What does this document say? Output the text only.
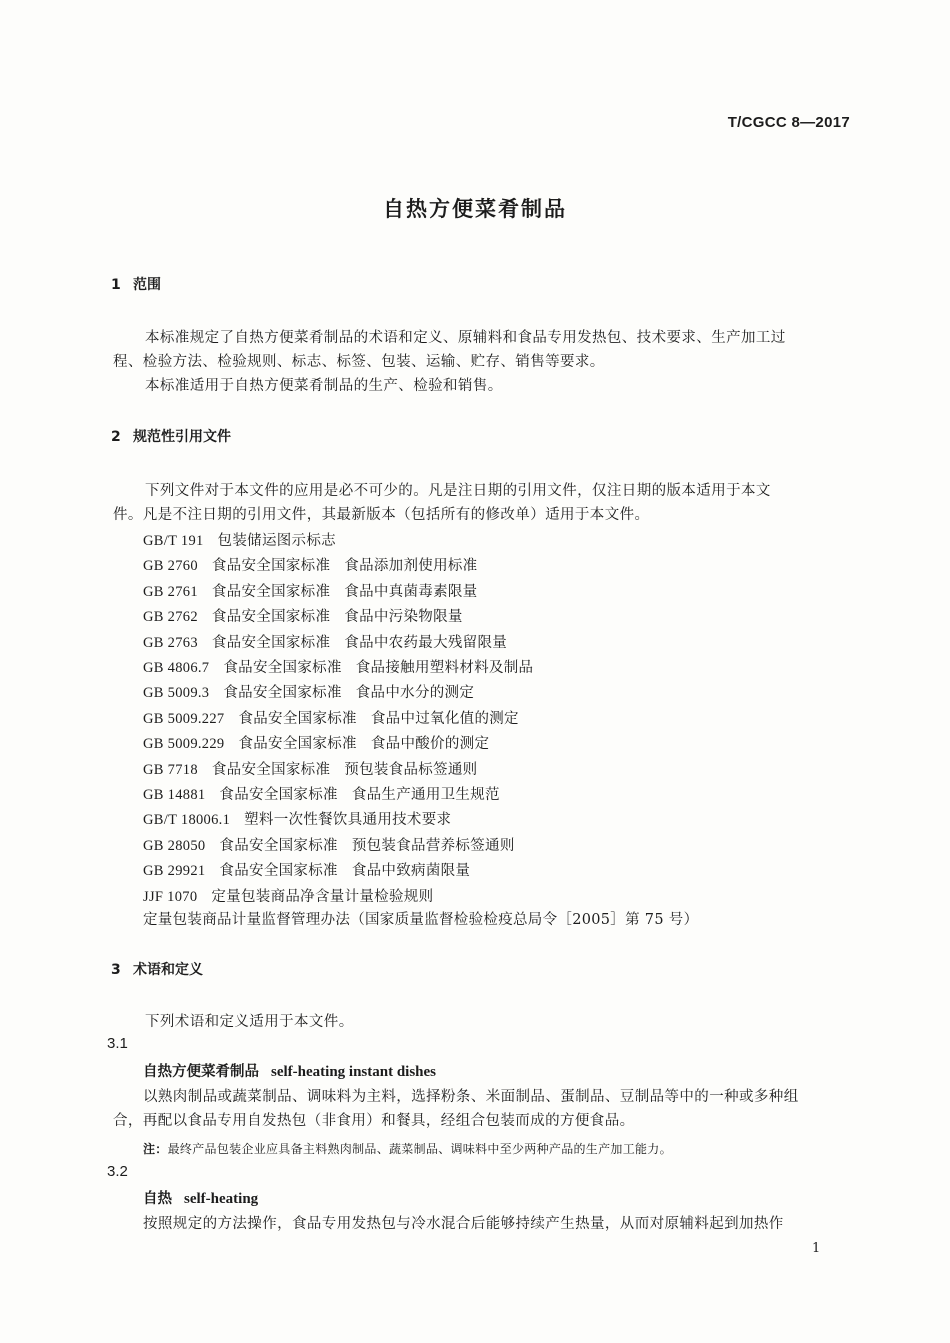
T/CGCC 8—2017
自热方便菜肴制品
1 范围
本标准规定了自热方便菜肴制品的术语和定义、原辅料和食品专用发热包、技术要求、生产加工过
程、检验方法、检验规则、标志、标签、包装、运输、贮存、销售等要求。
本标准适用于自热方便菜肴制品的生产、检验和销售。
2 规范性引用文件
下列文件对于本文件的应用是必不可少的。凡是注日期的引用文件，仅注日期的版本适用于本文
件。凡是不注日期的引用文件，其最新版本（包括所有的修改单）适用于本文件。
GB/T 191 包装储运图示标志
GB 2760 食品安全国家标准 食品添加剂使用标准
GB 2761 食品安全国家标准 食品中真菌毒素限量
GB 2762 食品安全国家标准 食品中污染物限量
GB 2763 食品安全国家标准 食品中农药最大残留限量
GB 4806.7 食品安全国家标准 食品接触用塑料材料及制品
GB 5009.3 食品安全国家标准 食品中水分的测定
GB 5009.227 食品安全国家标准 食品中过氧化值的测定
GB 5009.229 食品安全国家标准 食品中酸价的测定
GB 7718 食品安全国家标准 预包装食品标签通则
GB 14881 食品安全国家标准 食品生产通用卫生规范
GB/T 18006.1 塑料一次性餐饮具通用技术要求
GB 28050 食品安全国家标准 预包装食品营养标签通则
GB 29921 食品安全国家标准 食品中致病菌限量
JJF 1070 定量包装商品净含量计量检验规则
定量包装商品计量监督管理办法（国家质量监督检验检疫总局令［2005］第 75 号）
3 术语和定义
下列术语和定义适用于本文件。
3.1
自热方便菜肴制品 self-heating instant dishes
以熟肉制品或蔬菜制品、调味料为主料，选择粉条、米面制品、蛋制品、豆制品等中的一种或多种组
合，再配以食品专用自发热包（非食用）和餐具，经组合包装而成的方便食品。
注：最终产品包装企业应具备主料熟肉制品、蔬菜制品、调味料中至少两种产品的生产加工能力。
3.2
自热 self-heating
按照规定的方法操作，食品专用发热包与冷水混合后能够持续产生热量，从而对原辅料起到加热作
1
